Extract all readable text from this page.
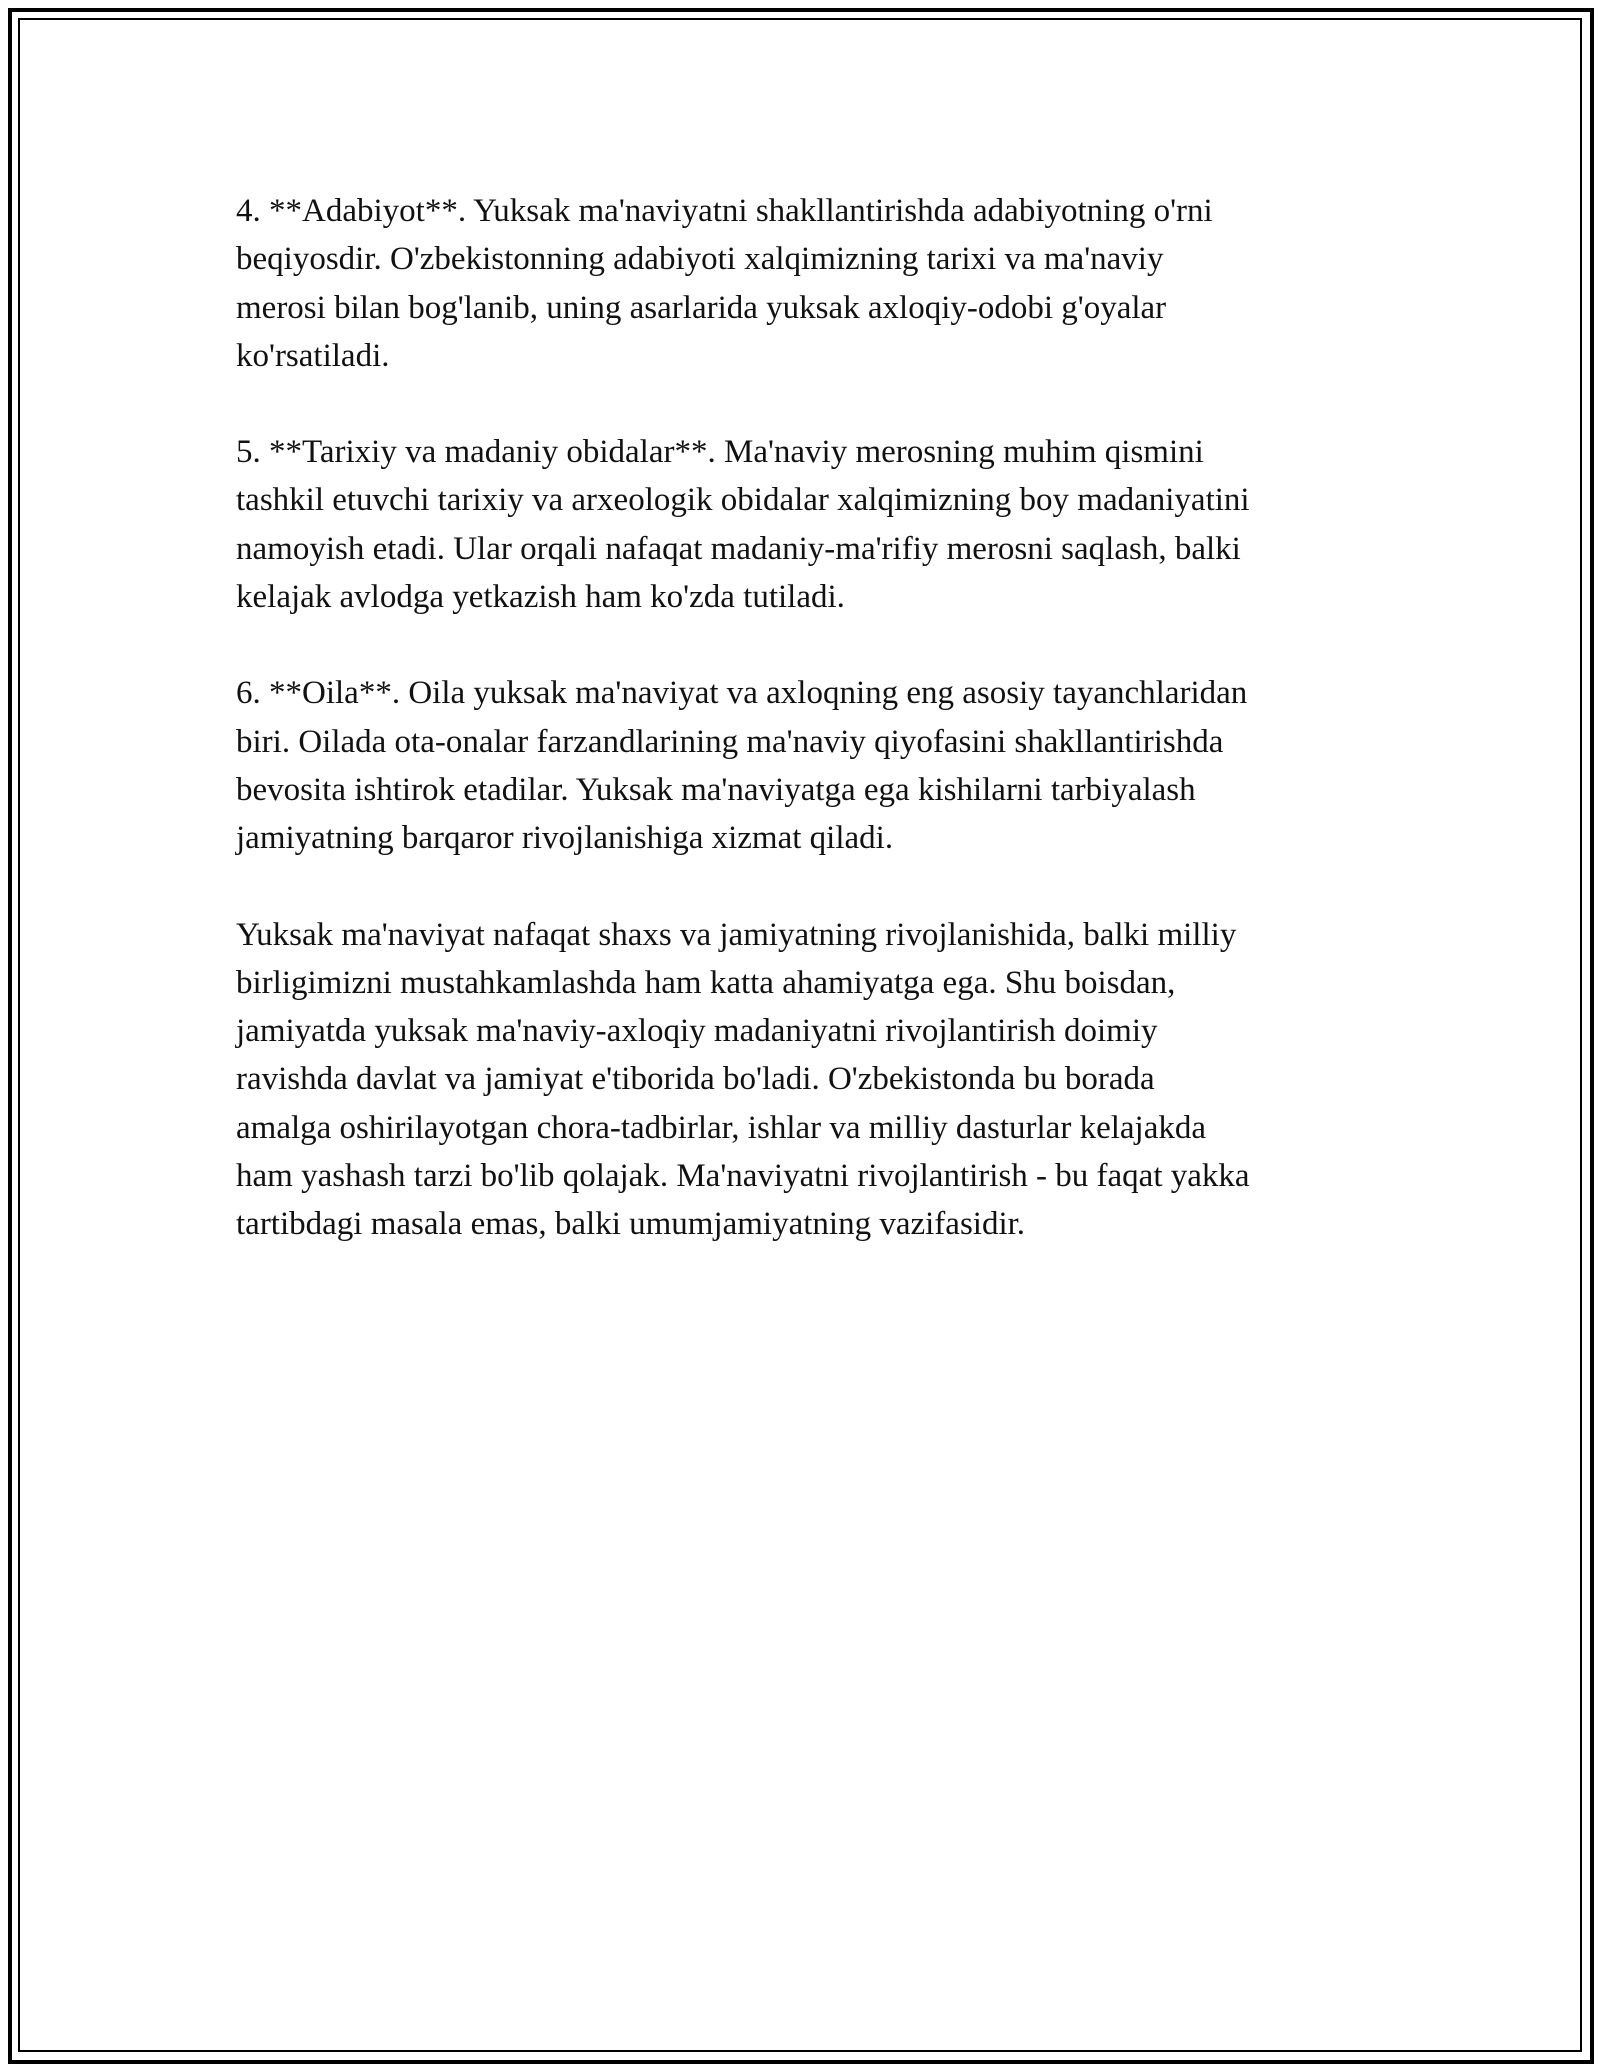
4. **Adabiyot**. Yuksak ma'naviyatni shakllantirishda adabiyotning o'rni
beqiyosdir. O'zbekistonning adabiyoti xalqimizning tarixi va ma'naviy
merosi bilan bog'lanib, uning asarlarida yuksak axloqiy-odobi g'oyalar
ko'rsatiladi.

5. **Tarixiy va madaniy obidalar**. Ma'naviy merosning muhim qismini
tashkil etuvchi tarixiy va arxeologik obidalar xalqimizning boy madaniyatini
namoyish etadi. Ular orqali nafaqat madaniy-ma'rifiy merosni saqlash, balki
kelajak avlodga yetkazish ham ko'zda tutiladi.

6. **Oila**. Oila yuksak ma'naviyat va axloqning eng asosiy tayanchlaridan
biri. Oilada ota-onalar farzandlarining ma'naviy qiyofasini shakllantirishda
bevosita ishtirok etadilar. Yuksak ma'naviyatga ega kishilarni tarbiyalash
jamiyatning barqaror rivojlanishiga xizmat qiladi.

Yuksak ma'naviyat nafaqat shaxs va jamiyatning rivojlanishida, balki milliy
birligimizni mustahkamlashda ham katta ahamiyatga ega. Shu boisdan,
jamiyatda yuksak ma'naviy-axloqiy madaniyatni rivojlantirish doimiy
ravishda davlat va jamiyat e'tiborida bo'ladi. O'zbekistonda bu borada
amalga oshirilayotgan chora-tadbirlar, ishlar va milliy dasturlar kelajakda
ham yashash tarzi bo'lib qolajak. Ma'naviyatni rivojlantirish - bu faqat yakka
tartibdagi masala emas, balki umumjamiyatning vazifasidir.
